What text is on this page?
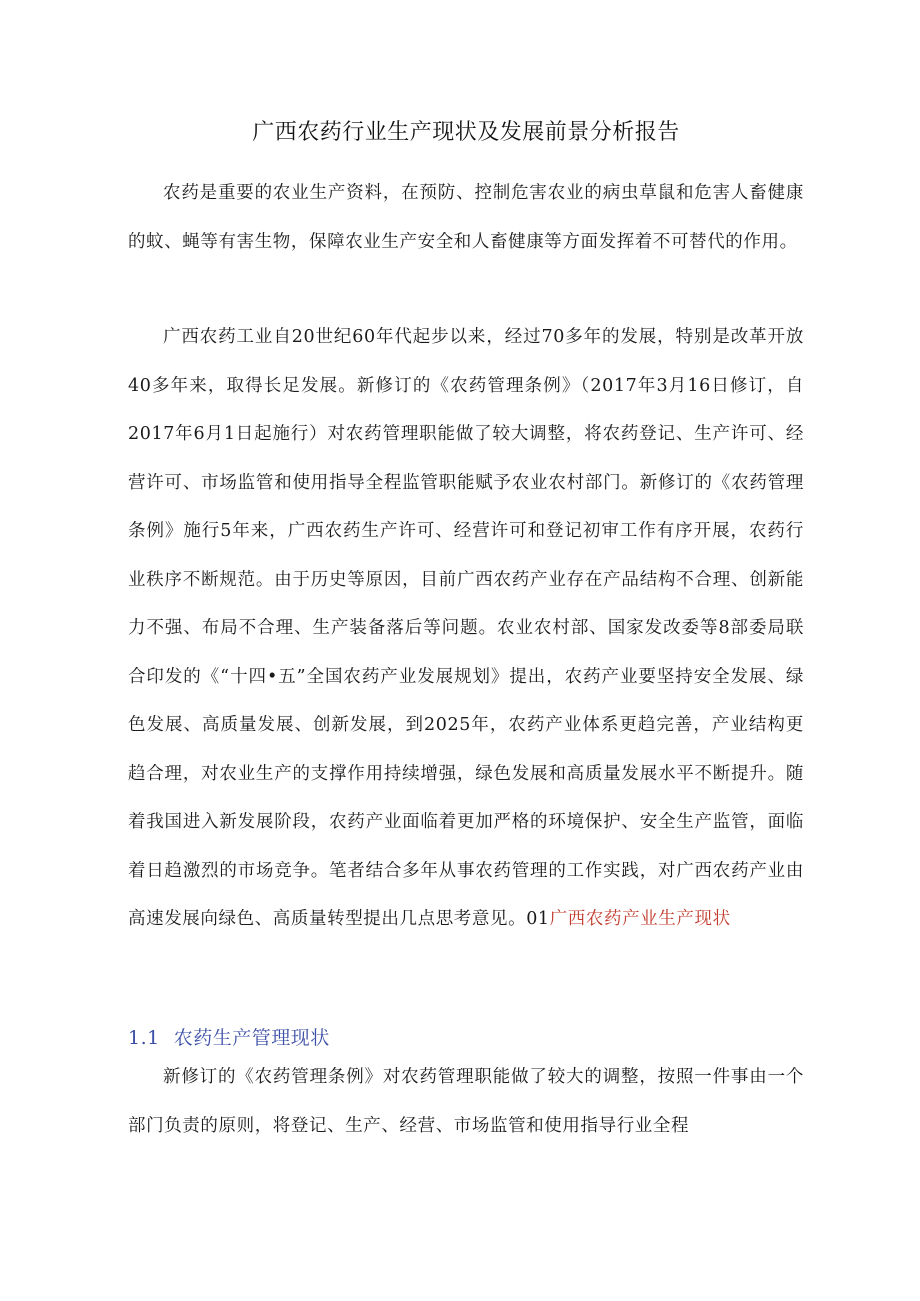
广西农药行业生产现状及发展前景分析报告

农药是重要的农业生产资料，在预防、控制危害农业的病虫草鼠和危害人畜健康的蚊、蝇等有害生物，保障农业生产安全和人畜健康等方面发挥着不可替代的作用。

广西农药工业自20世纪60年代起步以来，经过70多年的发展，特别是改革开放40多年来，取得长足发展。新修订的《农药管理条例》（2017年3月16日修订，自2017年6月1日起施行）对农药管理职能做了较大调整，将农药登记、生产许可、经营许可、市场监管和使用指导全程监管职能赋予农业农村部门。新修订的《农药管理条例》施行5年来，广西农药生产许可、经营许可和登记初审工作有序开展，农药行业秩序不断规范。由于历史等原因，目前广西农药产业存在产品结构不合理、创新能力不强、布局不合理、生产装备落后等问题。农业农村部、国家发改委等8部委局联合印发的《“十四•五”全国农药产业发展规划》提出，农药产业要坚持安全发展、绿色发展、高质量发展、创新发展，到2025年，农药产业体系更趋完善，产业结构更趋合理，对农业生产的支撑作用持续增强，绿色发展和高质量发展水平不断提升。随着我国进入新发展阶段，农药产业面临着更加严格的环境保护、安全生产监管，面临着日趋激烈的市场竞争。笔者结合多年从事农药管理的工作实践，对广西农药产业由高速发展向绿色、高质量转型提出几点思考意见。01广西农药产业生产现状

1.1 农药生产管理现状

新修订的《农药管理条例》对农药管理职能做了较大的调整，按照一件事由一个部门负责的原则，将登记、生产、经营、市场监管和使用指导行业全程
